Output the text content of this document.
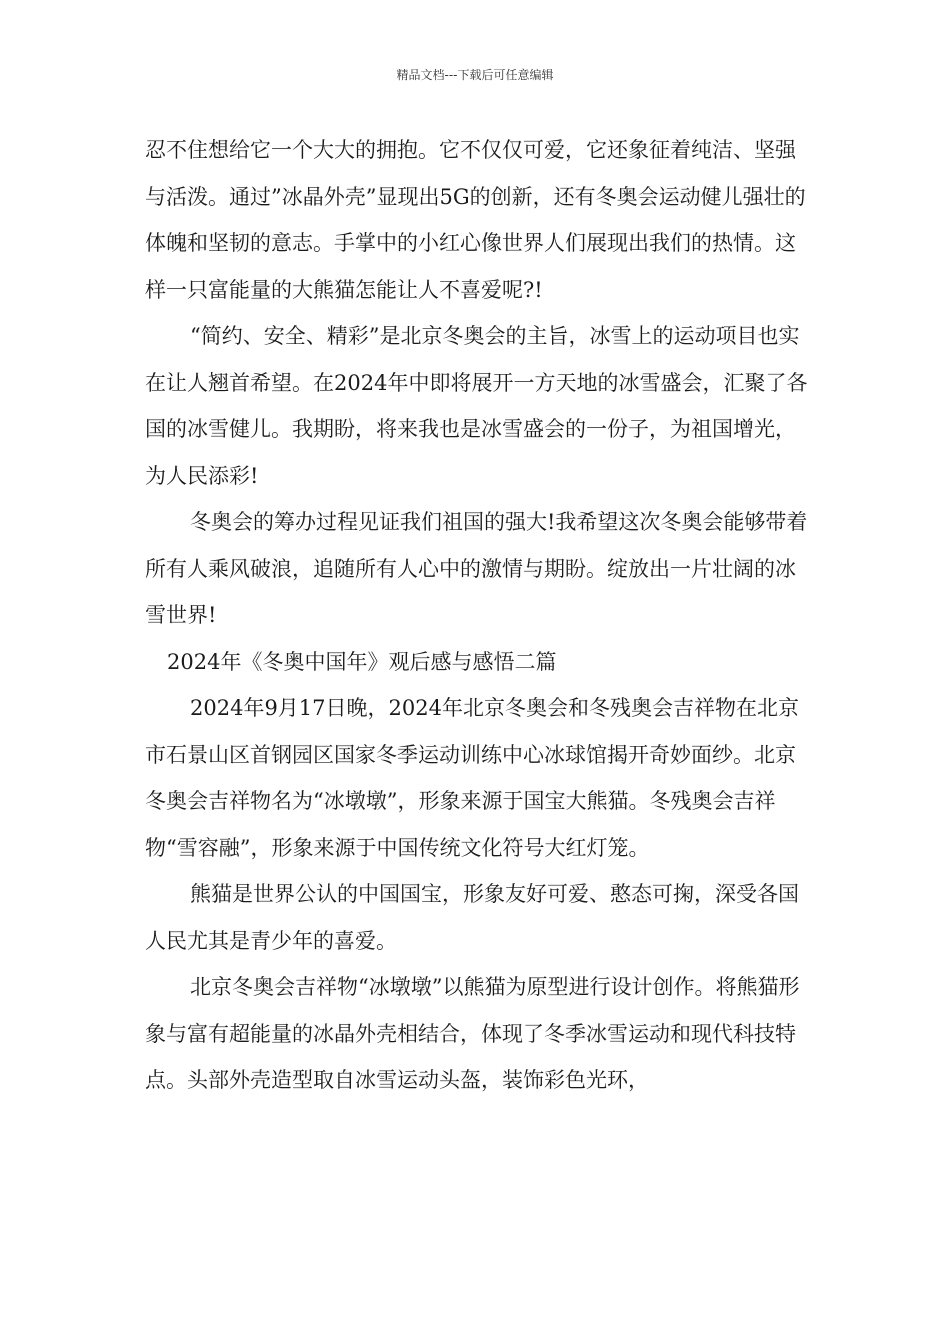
精品文档---下载后可任意编辑

忍不住想给它一个大大的拥抱。它不仅仅可爱，它还象征着纯洁、坚强与活泼。通过”冰晶外壳”显现出5G的创新，还有冬奥会运动健儿强壮的体魄和坚韧的意志。手掌中的小红心像世界人们展现出我们的热情。这样一只富能量的大熊猫怎能让人不喜爱呢?!

“简约、安全、精彩”是北京冬奥会的主旨，冰雪上的运动项目也实在让人翘首希望。在2024年中即将展开一方天地的冰雪盛会，汇聚了各国的冰雪健儿。我期盼，将来我也是冰雪盛会的一份子，为祖国增光，为人民添彩!

冬奥会的筹办过程见证我们祖国的强大!我希望这次冬奥会能够带着所有人乘风破浪，追随所有人心中的激情与期盼。绽放出一片壮阔的冰雪世界!

2024年《冬奥中国年》观后感与感悟二篇

2024年9月17日晚，2024年北京冬奥会和冬残奥会吉祥物在北京市石景山区首钢园区国家冬季运动训练中心冰球馆揭开奇妙面纱。北京冬奥会吉祥物名为“冰墩墩”，形象来源于国宝大熊猫。冬残奥会吉祥物“雪容融”，形象来源于中国传统文化符号大红灯笼。

熊猫是世界公认的中国国宝，形象友好可爱、憨态可掬，深受各国人民尤其是青少年的喜爱。

北京冬奥会吉祥物“冰墩墩”以熊猫为原型进行设计创作。将熊猫形象与富有超能量的冰晶外壳相结合，体现了冬季冰雪运动和现代科技特点。头部外壳造型取自冰雪运动头盔，装饰彩色光环，
